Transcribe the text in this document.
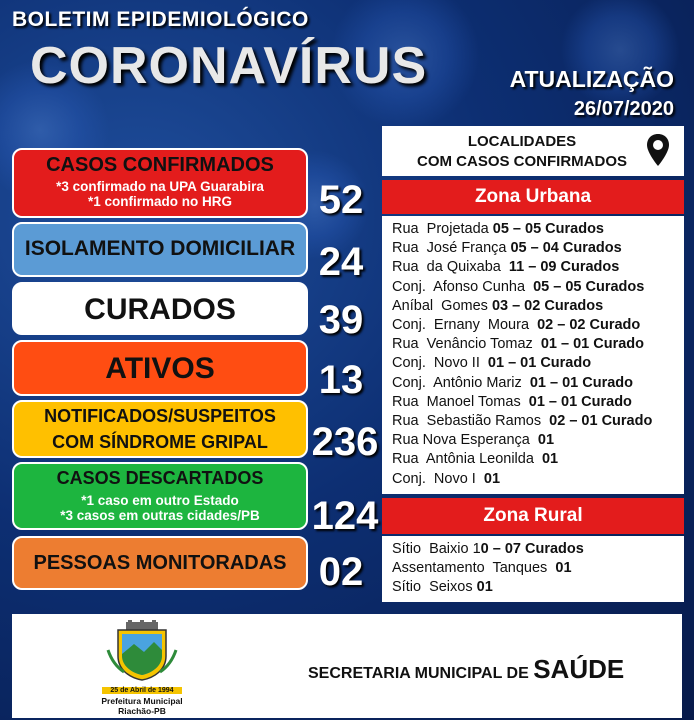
BOLETIM EPIDEMIOLÓGICO
CORONAVÍRUS	ATUALIZAÇÃO
26/07/2020
CASOS CONFIRMADOS
*3 confirmado na UPA Guarabira
*1 confirmado no HRG	52
ISOLAMENTO DOMICILIAR 24
CURADOS	39
ATIVOS	13
NOTIFICADOS/SUSPEITOS
COM SÍNDROME GRIPAL	236
CASOS DESCARTADOS
*1 caso em outro Estado
*3 casos em outras cidades/PB	124
PESSOAS MONITORADAS 02
LOCALIDADES
COM CASOS CONFIRMADOS
Zona Urbana
Rua  Projetada 05 – 05 Curados
Rua  José França 05 – 04 Curados
Rua  da Quixaba  11 – 09 Curados
Conj.  Afonso Cunha  05 – 05 Curados
Aníbal  Gomes 03 – 02 Curados
Conj.  Ernany  Moura  02 – 02 Curado
Rua  Venâncio Tomaz  01 – 01 Curado
Conj.  Novo II  01 – 01 Curado
Conj.  Antônio Mariz  01 – 01 Curado
Rua  Manoel Tomas  01 – 01 Curado
Rua  Sebastião Ramos  02 – 01 Curado
Rua Nova Esperança  01
Rua  Antônia Leonilda  01
Conj.  Novo I  01
Zona Rural
Sítio  Baixio 10 – 07 Curados
Assentamento  Tanques  01
Sítio  Seixos 01
25 de Abril de 1994
Prefeitura Municipal
Riachão-PB
SECRETARIA MUNICIPAL DE SAÚDE
